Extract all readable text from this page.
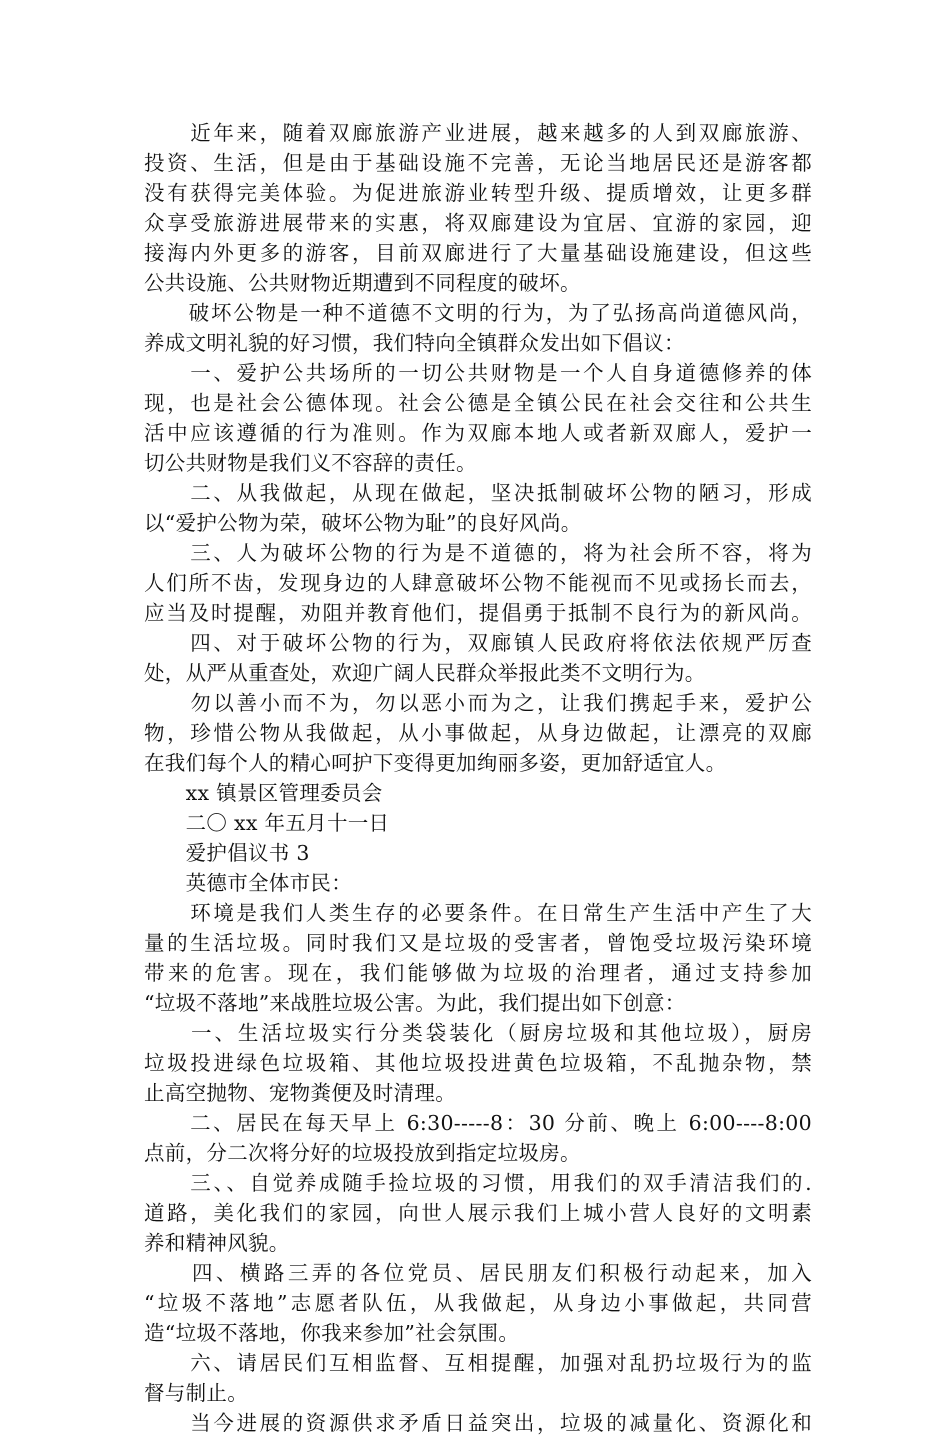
　　近年来，随着双廊旅游产业进展，越来越多的人到双廊旅游、
投资、生活，但是由于基础设施不完善，无论当地居民还是游客都
没有获得完美体验。为促进旅游业转型升级、提质增效，让更多群
众享受旅游进展带来的实惠，将双廊建设为宜居、宜游的家园，迎
接海内外更多的游客，目前双廊进行了大量基础设施建设，但这些
公共设施、公共财物近期遭到不同程度的破坏。
　　破坏公物是一种不道德不文明的行为，为了弘扬高尚道德风尚，
养成文明礼貌的好习惯，我们特向全镇群众发出如下倡议：
　　一、爱护公共场所的一切公共财物是一个人自身道德修养的体
现，也是社会公德体现。社会公德是全镇公民在社会交往和公共生
活中应该遵循的行为准则。作为双廊本地人或者新双廊人，爱护一
切公共财物是我们义不容辞的责任。
　　二、从我做起，从现在做起，坚决抵制破坏公物的陋习，形成
以“爱护公物为荣，破坏公物为耻”的良好风尚。
　　三、人为破坏公物的行为是不道德的，将为社会所不容，将为
人们所不齿，发现身边的人肆意破坏公物不能视而不见或扬长而去，
应当及时提醒，劝阻并教育他们，提倡勇于抵制不良行为的新风尚。
　　四、对于破坏公物的行为，双廊镇人民政府将依法依规严厉查
处，从严从重查处，欢迎广阔人民群众举报此类不文明行为。
　　勿以善小而不为，勿以恶小而为之，让我们携起手来，爱护公
物，珍惜公物从我做起，从小事做起，从身边做起，让漂亮的双廊
在我们每个人的精心呵护下变得更加绚丽多姿，更加舒适宜人。
　　xx 镇景区管理委员会
　　二〇 xx 年五月十一日
　　爱护倡议书 3
　　英德市全体市民：
　　环境是我们人类生存的必要条件。在日常生产生活中产生了大
量的生活垃圾。同时我们又是垃圾的受害者，曾饱受垃圾污染环境
带来的危害。现在，我们能够做为垃圾的治理者，通过支持参加
“垃圾不落地”来战胜垃圾公害。为此，我们提出如下创意：
　　一、生活垃圾实行分类袋装化（厨房垃圾和其他垃圾），厨房
垃圾投进绿色垃圾箱、其他垃圾投进黄色垃圾箱，不乱抛杂物，禁
止高空抛物、宠物粪便及时清理。
　　二、居民在每天早上 6:30-----8：30 分前、晚上 6:00----8:00
点前，分二次将分好的垃圾投放到指定垃圾房。
　　三、、自觉养成随手捡垃圾的习惯，用我们的双手清洁我们的.
道路，美化我们的家园，向世人展示我们上城小营人良好的文明素
养和精神风貌。
　　四、横路三弄的各位党员、居民朋友们积极行动起来，加入
“垃圾不落地”志愿者队伍，从我做起，从身边小事做起，共同营
造“垃圾不落地，你我来参加”社会氛围。
　　六、请居民们互相监督、互相提醒，加强对乱扔垃圾行为的监
督与制止。
　　当今进展的资源供求矛盾日益突出，垃圾的减量化、资源化和
